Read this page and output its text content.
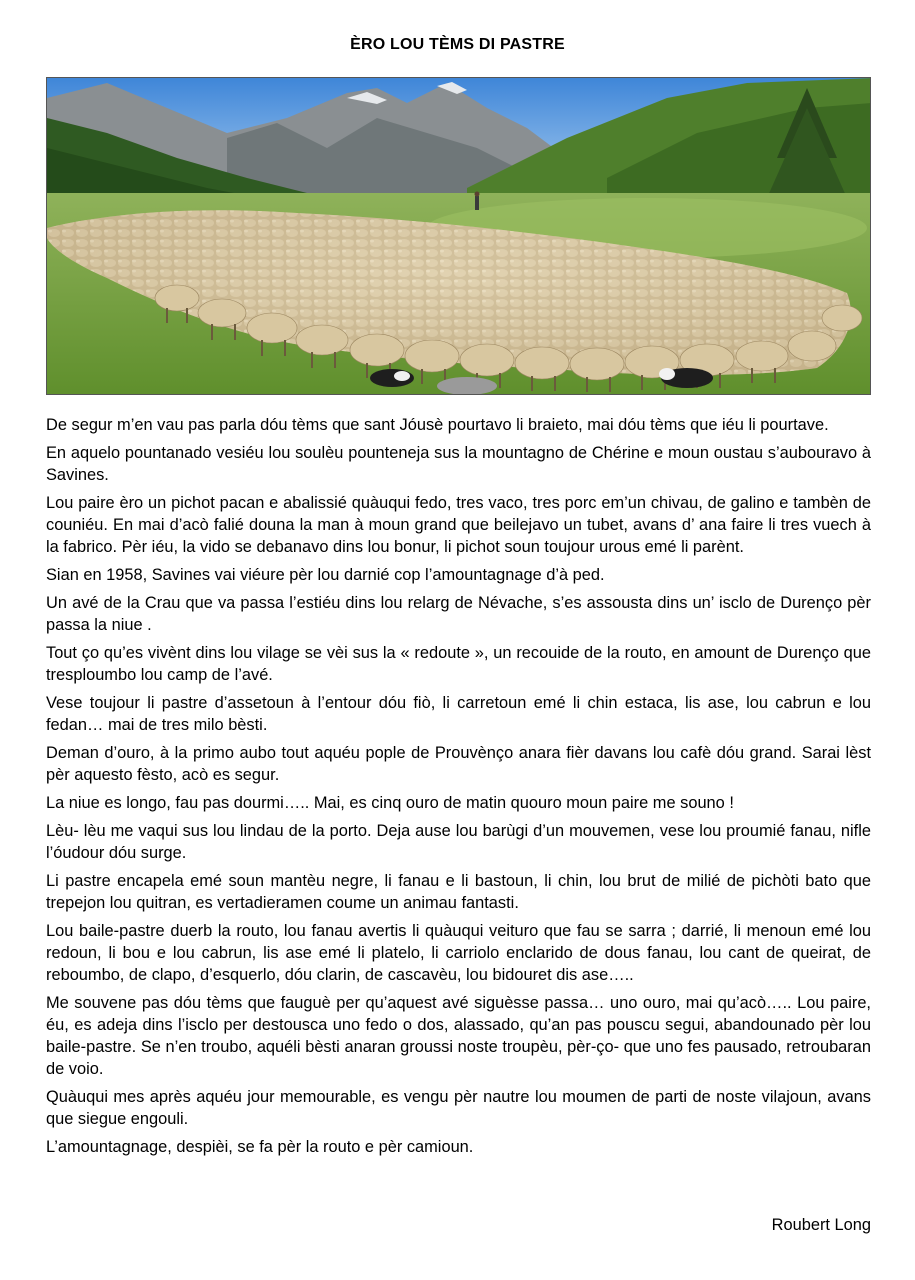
ÈRO LOU TÈMS DI PASTRE

De segur m’en vau pas parla dóu tèms que sant Jóusè pourtavo li braieto, mai dóu tèms que iéu li pourtave.

En aquelo pountanado vesiéu lou soulèu pounteneja sus la mountagno de Chérine e moun oustau s’aubouravo à Savines.

Lou paire èro un pichot pacan e abalissié quàuqui fedo, tres vaco, tres porc em’un chivau, de galino e tambèn de couniéu. En mai d’acò falié douna la man à moun grand que beilejavo un tubet, avans d’ ana faire li tres vuech à la fabrico. Pèr iéu, la vido se debanavo dins lou bonur, li pichot soun toujour urous emé li parènt.

Sian en 1958, Savines vai viéure pèr lou darnié cop l’amountagnage d’à ped.

Un avé de la Crau que va passa l’estiéu dins lou relarg de Névache, s’es assousta dins un’ isclo de Durenço pèr passa la niue .

Tout ço qu’es vivènt dins lou vilage se vèi sus la « redoute », un recouide de la routo, en amount de Durenço que tresploumbo lou camp de l’avé.

Vese toujour li pastre d’assetoun à l’entour dóu fiò, li carretoun emé li chin estaca, lis ase, lou cabrun e lou fedan… mai de tres milo bèsti.

Deman d’ouro, à la primo aubo tout aquéu pople de Prouvènço anara fièr davans lou cafè dóu grand. Sarai lèst pèr aquesto fèsto, acò es segur.

La niue es longo, fau pas dourmi….. Mai, es cinq ouro de matin quouro moun paire me souno !

Lèu- lèu me vaqui sus lou lindau de la porto. Deja ause lou barùgi d’un mouvemen, vese lou proumié fanau, nifle l’óudour dóu surge.

Li pastre encapela emé soun mantèu negre, li fanau e li bastoun, li chin, lou brut de milié de pichòti bato que trepejon lou quitran, es vertadieramen coume un animau fantasti.

Lou baile-pastre duerb la routo, lou fanau avertis li quàuqui veituro que fau se sarra ; darrié, li menoun emé lou redoun, li bou e lou cabrun, lis ase emé li platelo, li carriolo enclarido de dous fanau, lou cant de queirat, de reboumbo, de clapo, d’esquerlo, dóu clarin, de cascavèu, lou bidouret dis ase…..

Me souvene pas dóu tèms que fauguè per qu’aquest avé siguèsse passa… uno ouro, mai qu’acò….. Lou paire, éu, es adeja dins l’isclo per destousca uno fedo o dos, alassado, qu’an pas pouscu segui, abandounado pèr lou baile-pastre. Se n’en troubo, aquéli bèsti anaran groussi noste troupèu, pèr-ço- que uno fes pausado, retroubaran de voio.

Quàuqui mes après aquéu jour memourable, es vengu pèr nautre lou moumen de parti de noste vilajoun, avans que siegue engouli.

L’amountagnage, despièi, se fa pèr la routo e pèr camioun.

Roubert Long
